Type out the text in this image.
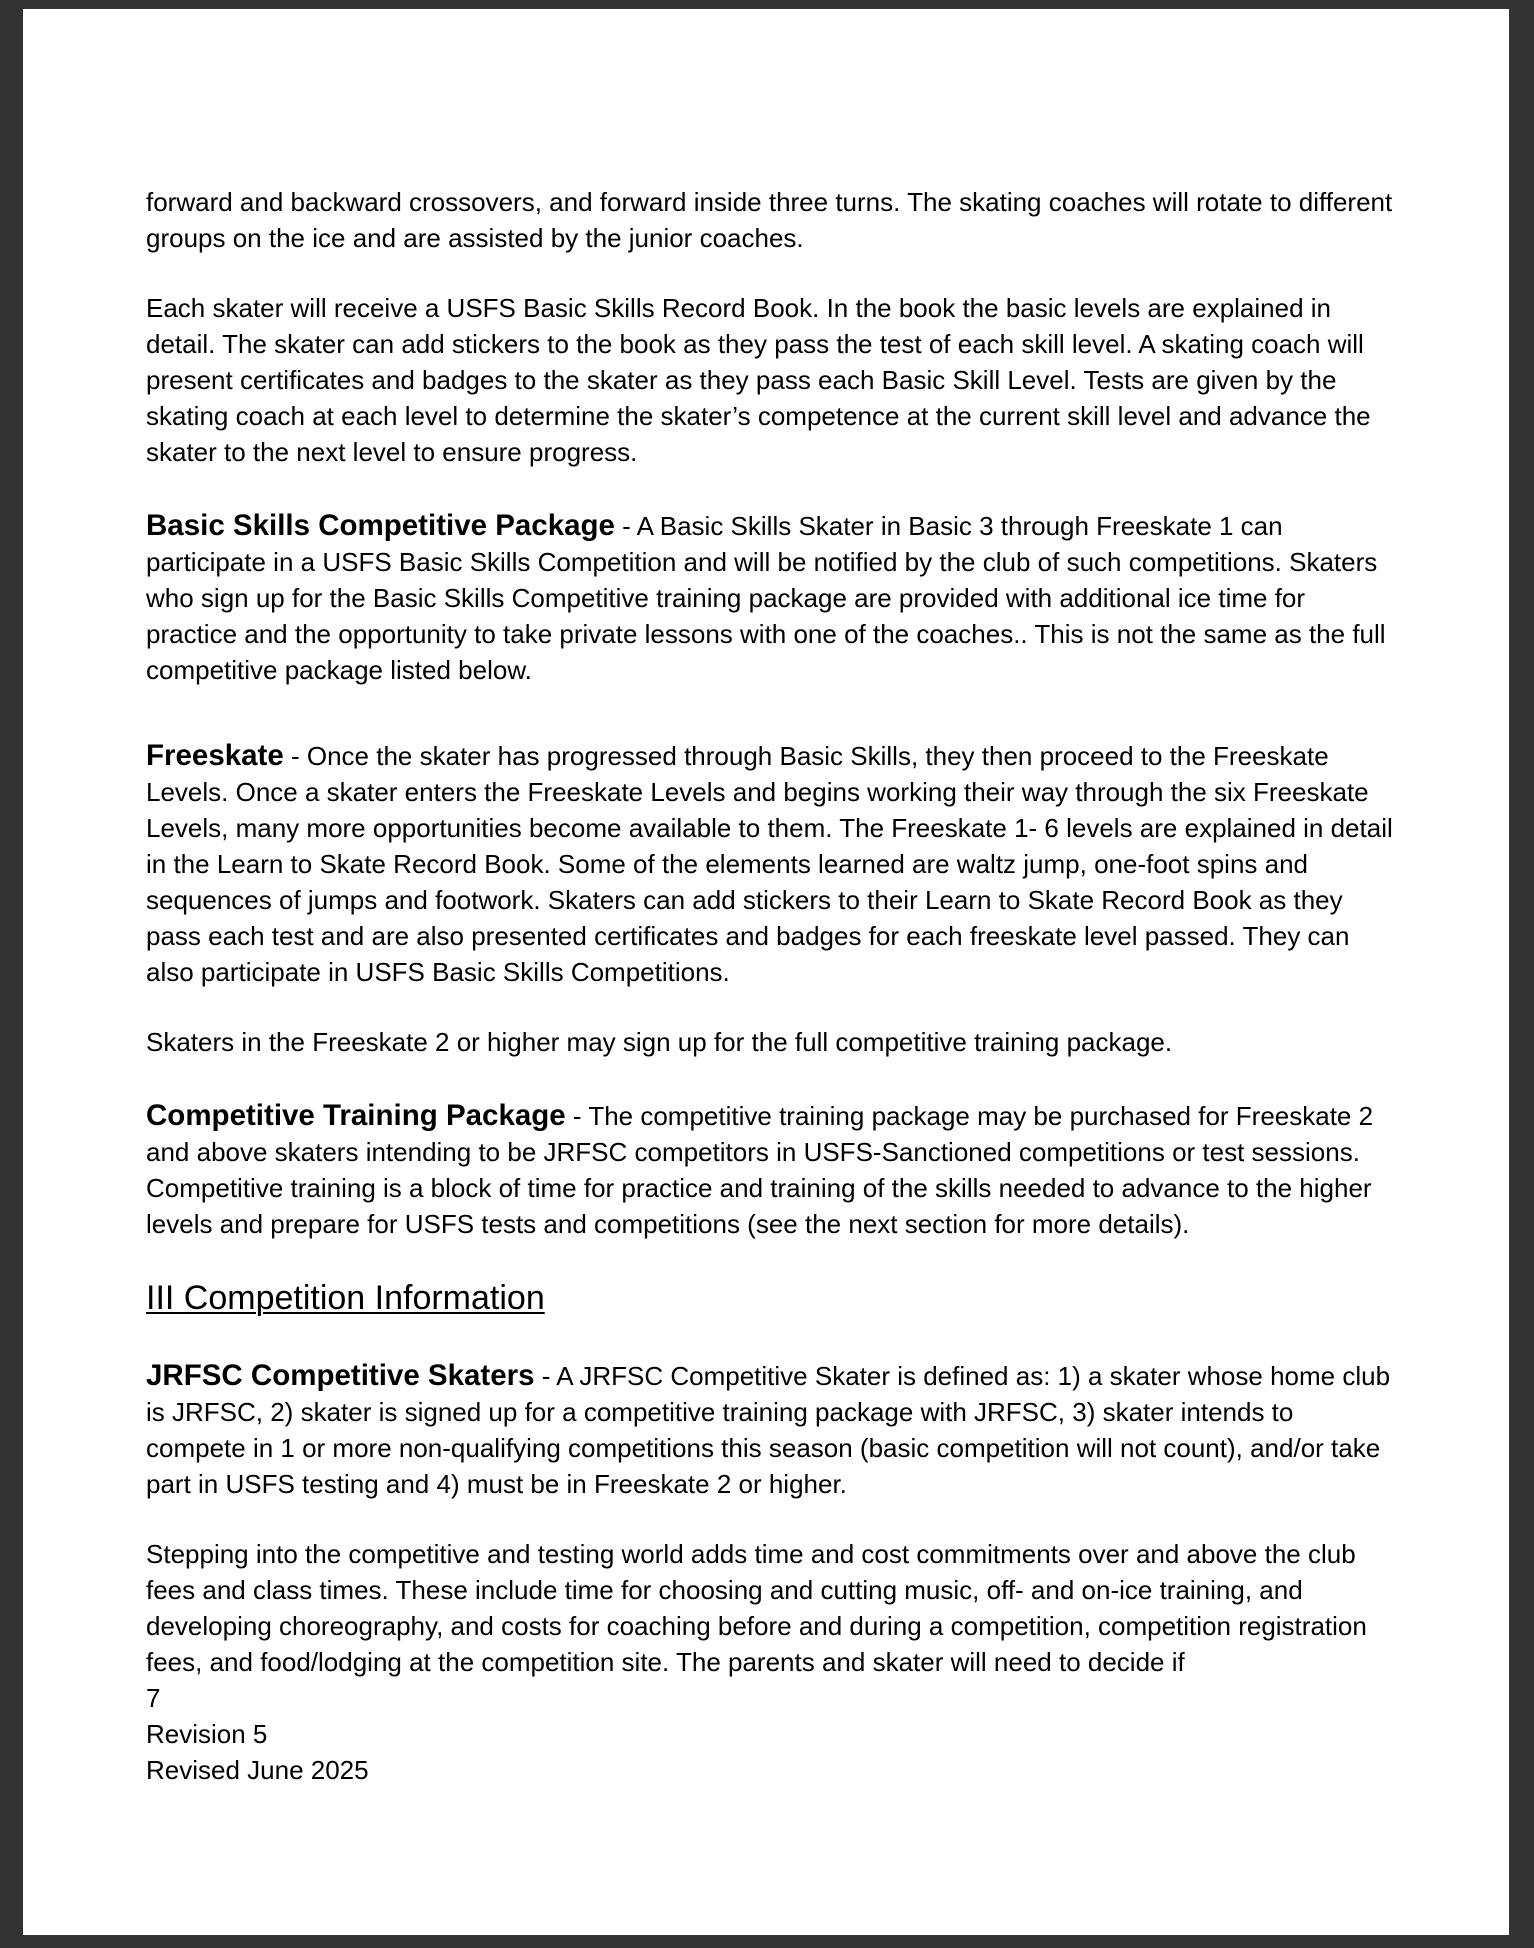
forward and backward crossovers, and forward inside three turns. The skating coaches will rotate to different groups on the ice and are assisted by the junior coaches.

Each skater will receive a USFS Basic Skills Record Book. In the book the basic levels are explained in detail. The skater can add stickers to the book as they pass the test of each skill level. A skating coach will present certificates and badges to the skater as they pass each Basic Skill Level. Tests are given by the skating coach at each level to determine the skater’s competence at the current skill level and advance the skater to the next level to ensure progress.

Basic Skills Competitive Package - A Basic Skills Skater in Basic 3 through Freeskate 1 can participate in a USFS Basic Skills Competition and will be notified by the club of such competitions. Skaters who sign up for the Basic Skills Competitive training package are provided with additional ice time for practice and the opportunity to take private lessons with one of the coaches.. This is not the same as the full competitive package listed below.

Freeskate - Once the skater has progressed through Basic Skills, they then proceed to the Freeskate Levels. Once a skater enters the Freeskate Levels and begins working their way through the six Freeskate Levels, many more opportunities become available to them. The Freeskate 1- 6 levels are explained in detail in the Learn to Skate Record Book. Some of the elements learned are waltz jump, one-foot spins and sequences of jumps and footwork. Skaters can add stickers to their Learn to Skate Record Book as they pass each test and are also presented certificates and badges for each freeskate level passed. They can also participate in USFS Basic Skills Competitions.

Skaters in the Freeskate 2 or higher may sign up for the full competitive training package.

Competitive Training Package - The competitive training package may be purchased for Freeskate 2 and above skaters intending to be JRFSC competitors in USFS-Sanctioned competitions or test sessions. Competitive training is a block of time for practice and training of the skills needed to advance to the higher levels and prepare for USFS tests and competitions (see the next section for more details).

III Competition Information

JRFSC Competitive Skaters - A JRFSC Competitive Skater is defined as: 1) a skater whose home club is JRFSC, 2) skater is signed up for a competitive training package with JRFSC, 3) skater intends to compete in 1 or more non-qualifying competitions this season (basic competition will not count), and/or take part in USFS testing and 4) must be in Freeskate 2 or higher.

Stepping into the competitive and testing world adds time and cost commitments over and above the club fees and class times. These include time for choosing and cutting music, off- and on-ice training, and developing choreography, and costs for coaching before and during a competition, competition registration fees, and food/lodging at the competition site. The parents and skater will need to decide if

7

Revision 5

Revised June 2025
